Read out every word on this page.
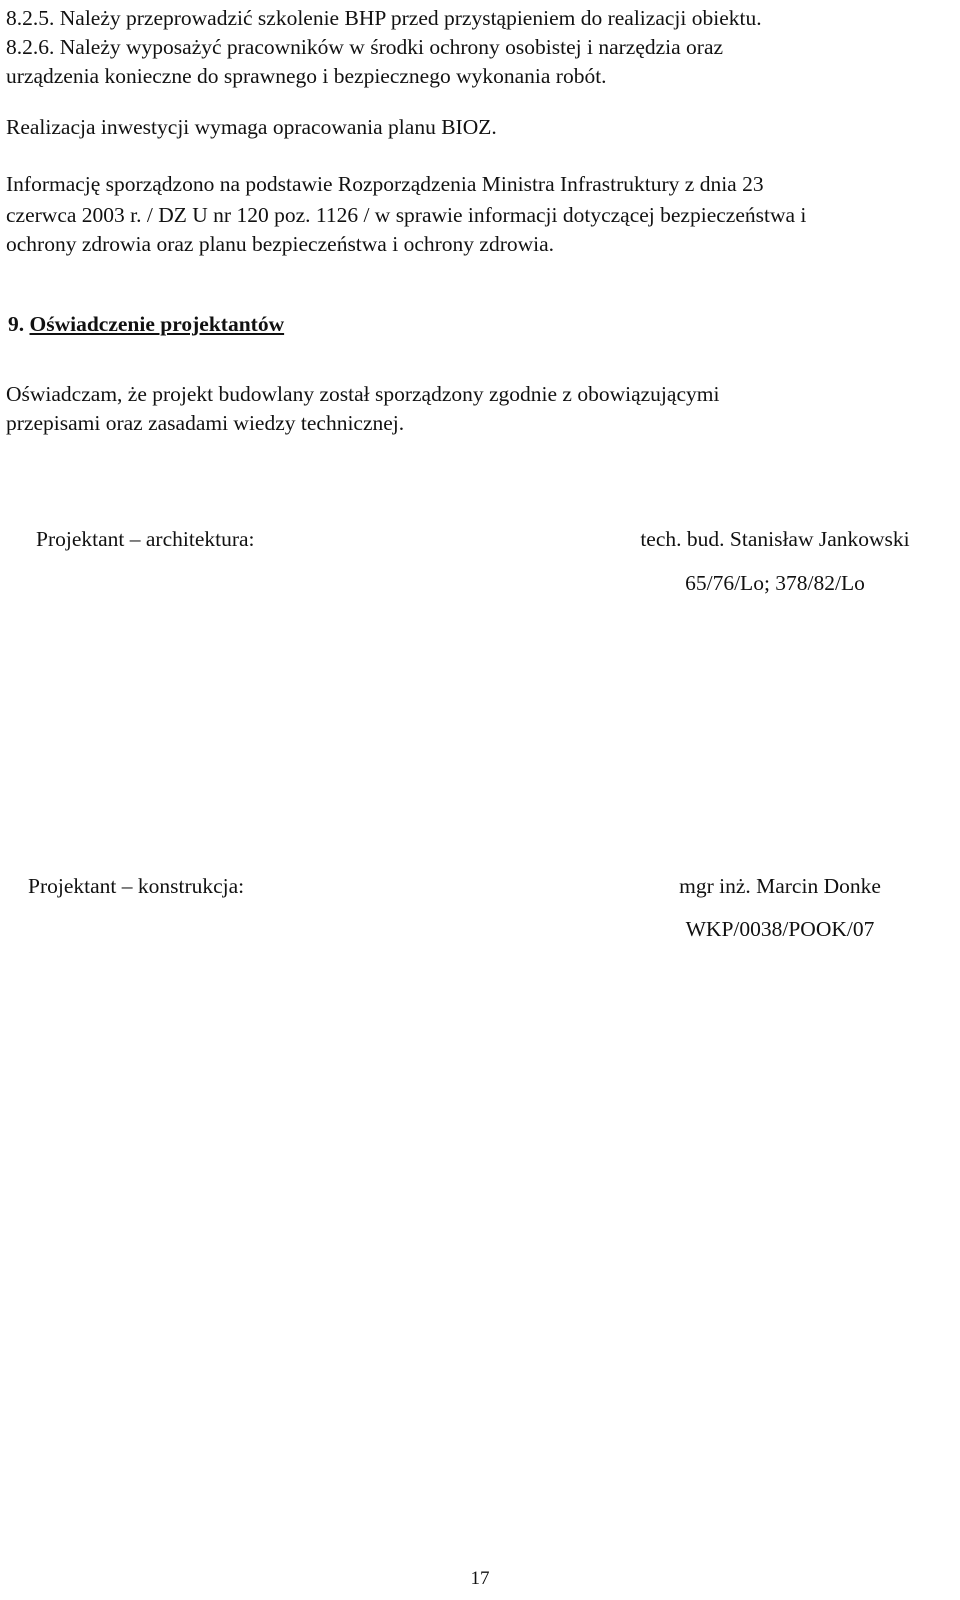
8.2.5. Należy przeprowadzić szkolenie BHP przed przystąpieniem do realizacji obiektu.

8.2.6. Należy wyposażyć pracowników w środki ochrony osobistej i narzędzia oraz

urządzenia konieczne do sprawnego i bezpiecznego wykonania robót.

Realizacja inwestycji wymaga opracowania planu BIOZ.

Informację sporządzono na podstawie Rozporządzenia Ministra Infrastruktury z dnia 23

czerwca 2003 r. / DZ U nr 120 poz. 1126 / w sprawie informacji dotyczącej bezpieczeństwa i

ochrony zdrowia oraz planu bezpieczeństwa i ochrony zdrowia.

9. Oświadczenie projektantów

Oświadczam, że projekt budowlany został sporządzony zgodnie z obowiązującymi

przepisami oraz zasadami wiedzy technicznej.

Projektant – architektura:	tech. bud. Stanisław Jankowski
65/76/Lo; 378/82/Lo

Projektant – konstrukcja:	mgr inż. Marcin Donke
WKP/0038/POOK/07
17
